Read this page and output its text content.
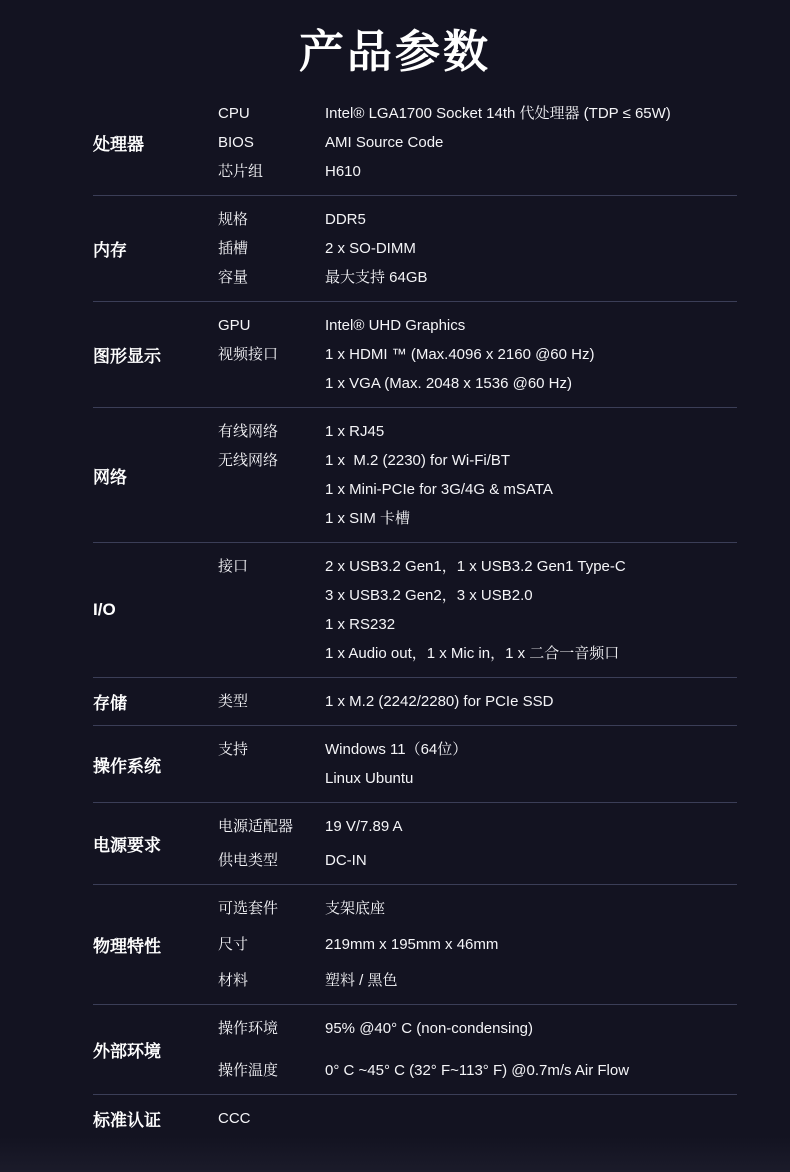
产品参数
处理器
CPU	Intel® LGA1700 Socket 14th 代处理器 (TDP ≤ 65W)
BIOS	AMI Source Code
芯片组	H610
内存
规格	DDR5
插槽	2 x SO-DIMM
容量	最大支持 64GB
图形显示
GPU	Intel® UHD Graphics
视频接口	1 x HDMI ™ (Max.4096 x 2160 @60 Hz)
1 x VGA (Max. 2048 x 1536 @60 Hz)
网络
有线网络	1 x RJ45
无线网络	1 x  M.2 (2230) for Wi-Fi/BT
1 x Mini-PCIe for 3G/4G & mSATA
1 x SIM 卡槽
I/O
接口	2 x USB3.2 Gen1，1 x USB3.2 Gen1 Type-C
3 x USB3.2 Gen2，3 x USB2.0
1 x RS232
1 x Audio out，1 x Mic in，1 x 二合一音频口
存储	类型	1 x M.2 (2242/2280) for PCIe SSD
操作系统
支持	Windows 11（64位）
Linux Ubuntu
电源要求
电源适配器	19 V/7.89 A
供电类型	DC-IN
物理特性
可选套件	支架底座
尺寸	219mm x 195mm x 46mm
材料	塑料 / 黑色
外部环境
操作环境	95% @40° C (non-condensing)
操作温度	0° C ~45° C (32° F~113° F) @0.7m/s Air Flow
标准认证	CCC
